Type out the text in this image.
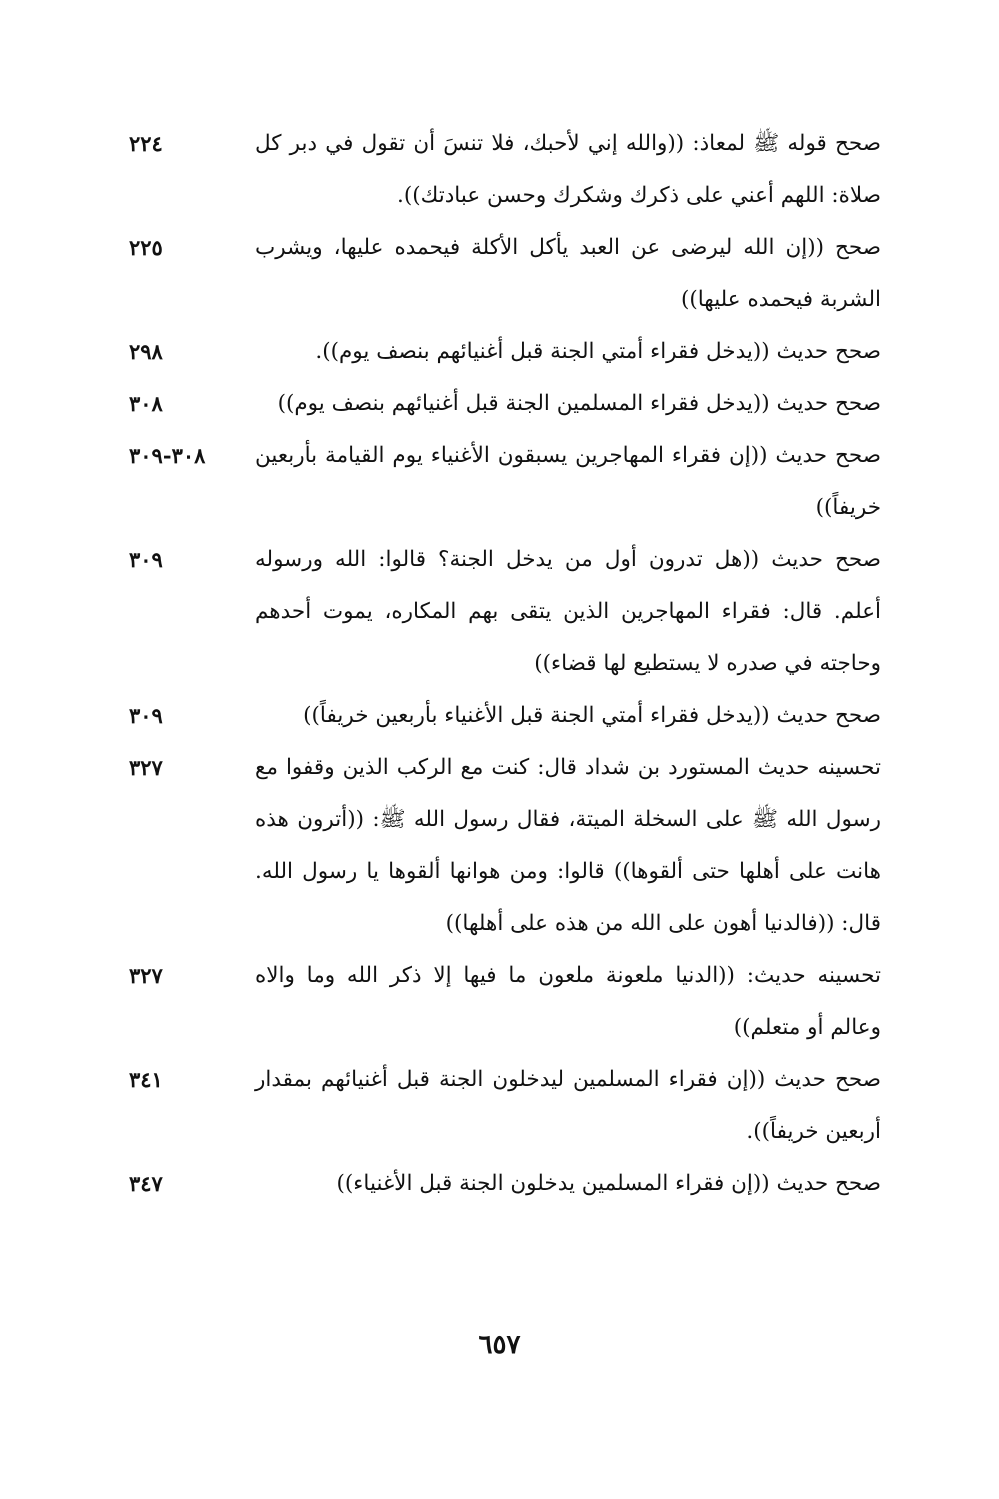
صحح قوله ﷺ لمعاذ: ((والله إني لأحبك، فلا تنسَ أن تقول في دبر كل صلاة: اللهم أعني على ذكرك وشكرك وحسن عبادتك)).
٢٢٤
صحح ((إن الله ليرضى عن العبد يأكل الأكلة فيحمده عليها، ويشرب الشربة فيحمده عليها))
٢٢٥
صحح حديث ((يدخل فقراء أمتي الجنة قبل أغنيائهم بنصف يوم)).
٢٩٨
صحح حديث ((يدخل فقراء المسلمين الجنة قبل أغنيائهم بنصف يوم))
٣٠٨
صحح حديث ((إن فقراء المهاجرين يسبقون الأغنياء يوم القيامة بأربعين خريفاً))
٣٠٨-٣٠٩
صحح حديث ((هل تدرون أول من يدخل الجنة؟ قالوا: الله ورسوله أعلم. قال: فقراء المهاجرين الذين يتقى بهم المكاره، يموت أحدهم وحاجته في صدره لا يستطيع لها قضاء))
٣٠٩
صحح حديث ((يدخل فقراء أمتي الجنة قبل الأغنياء بأربعين خريفاً))
٣٠٩
تحسينه حديث المستورد بن شداد قال: كنت مع الركب الذين وقفوا مع رسول الله ﷺ على السخلة الميتة، فقال رسول الله ﷺ: ((أترون هذه هانت على أهلها حتى ألقوها)) قالوا: ومن هوانها ألقوها يا رسول الله. قال: ((فالدنيا أهون على الله من هذه على أهلها))
٣٢٧
تحسينه حديث: ((الدنيا ملعونة ملعون ما فيها إلا ذكر الله وما والاه وعالم أو متعلم))
٣٢٧
صحح حديث ((إن فقراء المسلمين ليدخلون الجنة قبل أغنيائهم بمقدار أربعين خريفاً)).
٣٤١
صحح حديث ((إن فقراء المسلمين يدخلون الجنة قبل الأغنياء))
٣٤٧
٦٥٧
